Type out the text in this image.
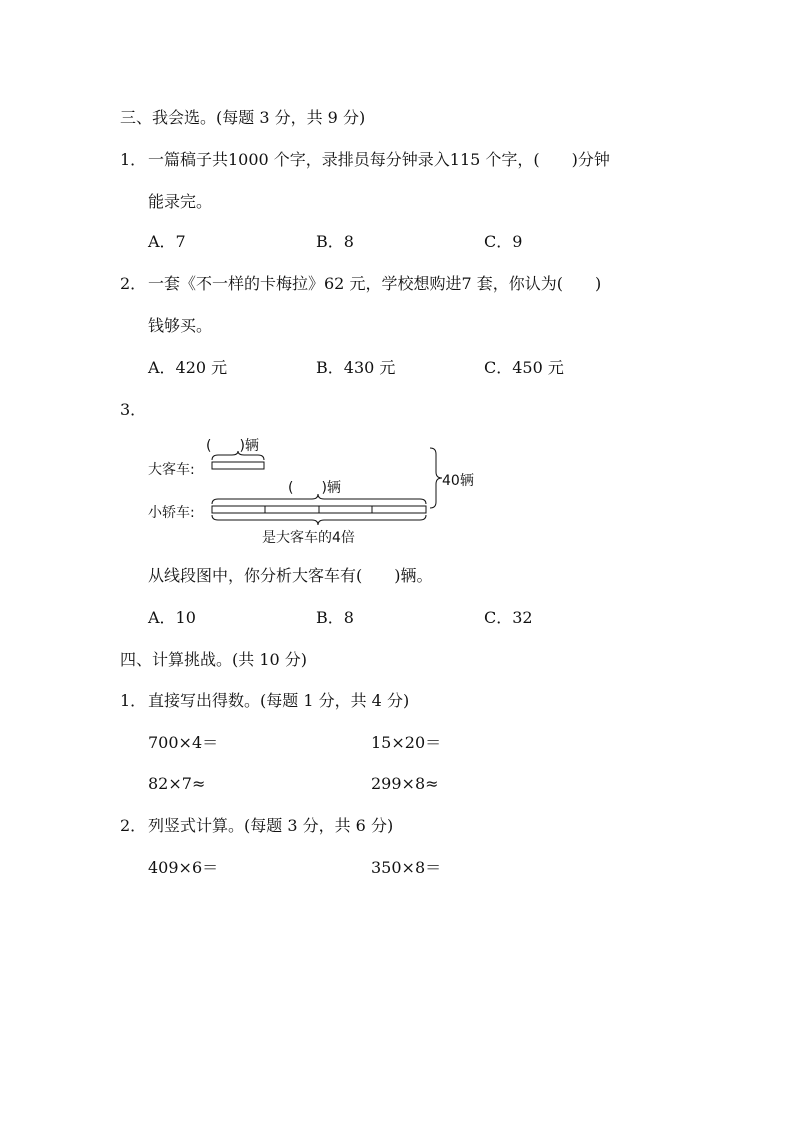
三、我会选。(每题 3 分，共 9 分)
1． 一篇稿子共1000 个字，录排员每分钟录入115 个字，(　　)分钟
能录完。
A．7	B．8	C．9
2． 一套《不一样的卡梅拉》62 元，学校想购进7 套，你认为(　　)
钱够买。
A．420 元	B．430 元	C．450 元
3．
大客车:
(　　)辆
小轿车:
(　　)辆
是大客车的4倍
40辆
从线段图中，你分析大客车有(　　)辆。
A．10	B．8	C．32
四、计算挑战。(共 10 分)
1． 直接写出得数。(每题 1 分，共 4 分)
700×4＝	15×20＝
82×7≈	299×8≈
2． 列竖式计算。(每题 3 分，共 6 分)
409×6＝	350×8＝
